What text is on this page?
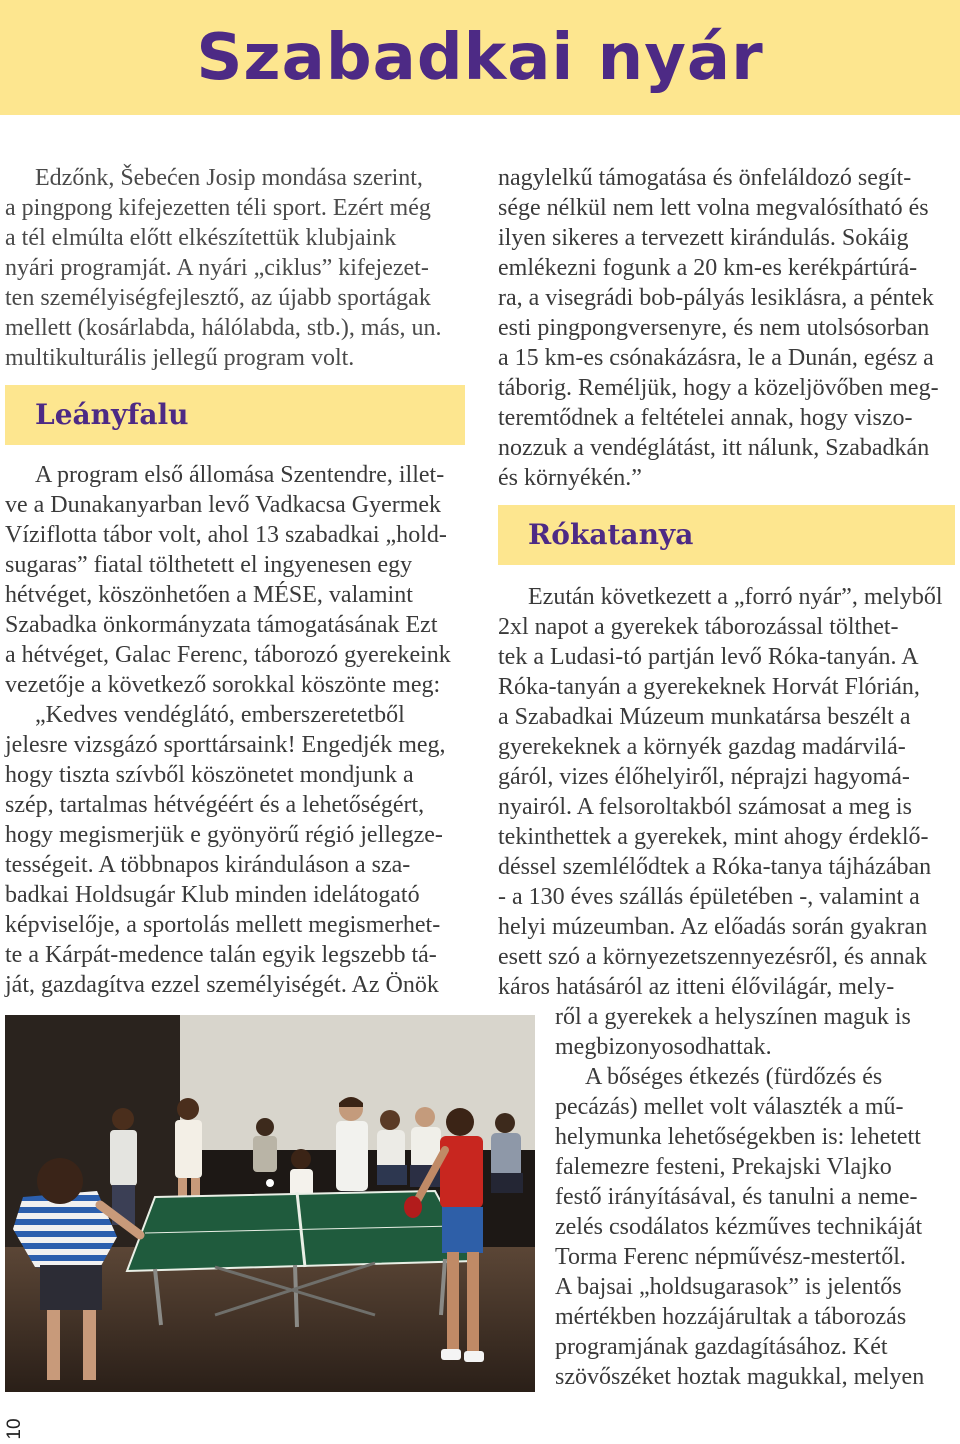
Szabadkai nyár
Edzőnk, Šebećen Josip mondása szerint,
a pingpong kifejezetten téli sport. Ezért még
a tél elmúlta előtt elkészítettük klubjaink
nyári programját. A nyári „ciklus” kifejezet-
ten személyiségfejlesztő, az újabb sportágak
mellett (kosárlabda, hálólabda, stb.), más, un.
multikulturális jellegű program volt.
Leányfalu
A program első állomása Szentendre, illet-
ve a Dunakanyarban levő Vadkacsa Gyermek
Víziflotta tábor volt, ahol 13 szabadkai „hold-
sugaras” fiatal tölthetett el ingyenesen egy
hétvéget, köszönhetően a MÉSE, valamint
Szabadka önkormányzata támogatásának Ezt
a hétvéget, Galac Ferenc, táborozó gyerekeink
vezetője a következő sorokkal köszönte meg:
„Kedves vendéglátó, emberszeretetből
jelesre vizsgázó sporttársaink! Engedjék meg,
hogy tiszta szívből köszönetet mondjunk a
szép, tartalmas hétvégéért és a lehetőségért,
hogy megismerjük e gyönyörű régió jellegze-
tességeit. A többnapos kiránduláson a sza-
badkai Holdsugár Klub minden idelátogató
képviselője, a sportolás mellett megismerhet-
te a Kárpát-medence talán egyik legszebb tá-
ját, gazdagítva ezzel személyiségét. Az Önök
nagylelkű támogatása és önfeláldozó segít-
sége nélkül nem lett volna megvalósítható és
ilyen sikeres a tervezett kirándulás. Sokáig
emlékezni fogunk a 20 km-es kerékpártúrá-
ra, a visegrádi bob-pályás lesiklásra, a péntek
esti pingpongversenyre, és nem utolsósorban
a 15 km-es csónakázásra, le a Dunán, egész a
táborig. Reméljük, hogy a közeljövőben meg-
teremtődnek a feltételei annak, hogy viszo-
nozzuk a vendéglátást, itt nálunk, Szabadkán
és környékén.”
Rókatanya
Ezután következett a „forró nyár”, melyből
2xl napot a gyerekek táborozással tölthet-
tek a Ludasi-tó partján levő Róka-tanyán. A
Róka-tanyán a gyerekeknek Horvát Flórián,
a Szabadkai Múzeum munkatársa beszélt a
gyerekeknek a környék gazdag madárvilá-
gáról, vizes élőhelyiről, néprajzi hagyomá-
nyairól. A felsoroltakból számosat a meg is
tekinthettek a gyerekek, mint ahogy érdeklő-
déssel szemlélődtek a Róka-tanya tájházában
- a 130 éves szállás épületében -, valamint a
helyi múzeumban. Az előadás során gyakran
esett szó a környezetszennyezésről, és annak
káros hatásáról az itteni élővilágár, mely-
ről a gyerekek a helyszínen maguk is
megbizonyosodhattak.
A bőséges étkezés (fürdőzés és
pecázás) mellet volt választék a mű-
helymunka lehetőségekben is: lehetett
falemezre festeni, Prekajski Vlajko
festő irányításával, és tanulni a neme-
zelés csodálatos kézműves technikáját
Torma Ferenc népművész-mestertől.
A bajsai „holdsugarasok” is jelentős
mértékben hozzájárultak a táborozás
programjának gazdagításához. Két
szövőszéket hoztak magukkal, melyen
10
